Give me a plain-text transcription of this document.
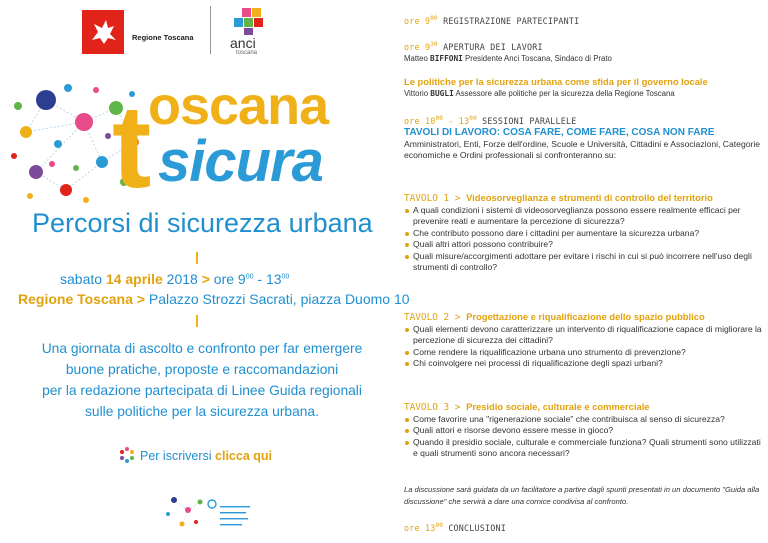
Regione Toscana	anci
toscana
t
oscana
sicura
Percorsi di sicurezza urbana
sabato 14 aprile 2018 > ore $9^{00} - 13^{00}$
Regione Toscana > Palazzo Strozzi Sacrati, piazza Duomo 10
Una giornata di ascolto e confronto per far emergere
buone pratiche, proposte e raccomandazioni
per la redazione partecipata di Linee Guida regionali
sulle politiche per la sicurezza urbana.
Per iscriversi clicca qui
ore $9^{00}$ REGISTRAZIONE PARTECIPANTI
ore $9^{30}$ APERTURA DEI LAVORI
Matteo BIFFONI Presidente Anci Toscana, Sindaco di Prato
Le politiche per la sicurezza urbana come sfida per il governo locale
Vittorio BUGLI Assessore alle politiche per la sicurezza della Regione Toscana
ore $10^{00} - 13^{00}$ SESSIONI PARALLELE
TAVOLI DI LAVORO: COSA FARE, COME FARE, COSA NON FARE
Amministratori, Enti, Forze dell'ordine, Scuole e Università, Cittadini e Associazioni, Categorie economiche e Ordini professionali si confronteranno su:
TAVOLO 1 > Videosorveglianza e strumenti di controllo del territorio
A quali condizioni i sistemi di videosorveglianza possono essere realmente efficaci per prevenire reati e aumentare la percezione di sicurezza?
Che contributo possono dare i cittadini per aumentare la sicurezza urbana?
Quali altri attori possono contribuire?
Quali misure/accorgimenti adottare per evitare i rischi in cui si può incorrere nell'uso degli strumenti di controllo?
TAVOLO 2 > Progettazione e riqualificazione dello spazio pubblico
Quali elementi devono caratterizzare un intervento di riqualificazione capace di migliorare la percezione di sicurezza dei cittadini?
Come rendere la riqualificazione urbana uno strumento di prevenzione?
Chi coinvolgere nei processi di riqualificazione degli spazi urbani?
TAVOLO 3 > Presidio sociale, culturale e commerciale
Come favorire una "rigenerazione sociale" che contribuisca al senso di sicurezza?
Quali attori e risorse devono essere messe in gioco?
Quando il presidio sociale, culturale e commerciale funziona? Quali strumenti sono utilizzati e quali strumenti sono ancora necessari?
La discussione sarà guidata da un facilitatore a partire dagli spunti presentati in un documento "Guida alla discussione" che servirà a dare una cornice condivisa al confronto.
ore $13^{00}$ CONCLUSIONI
